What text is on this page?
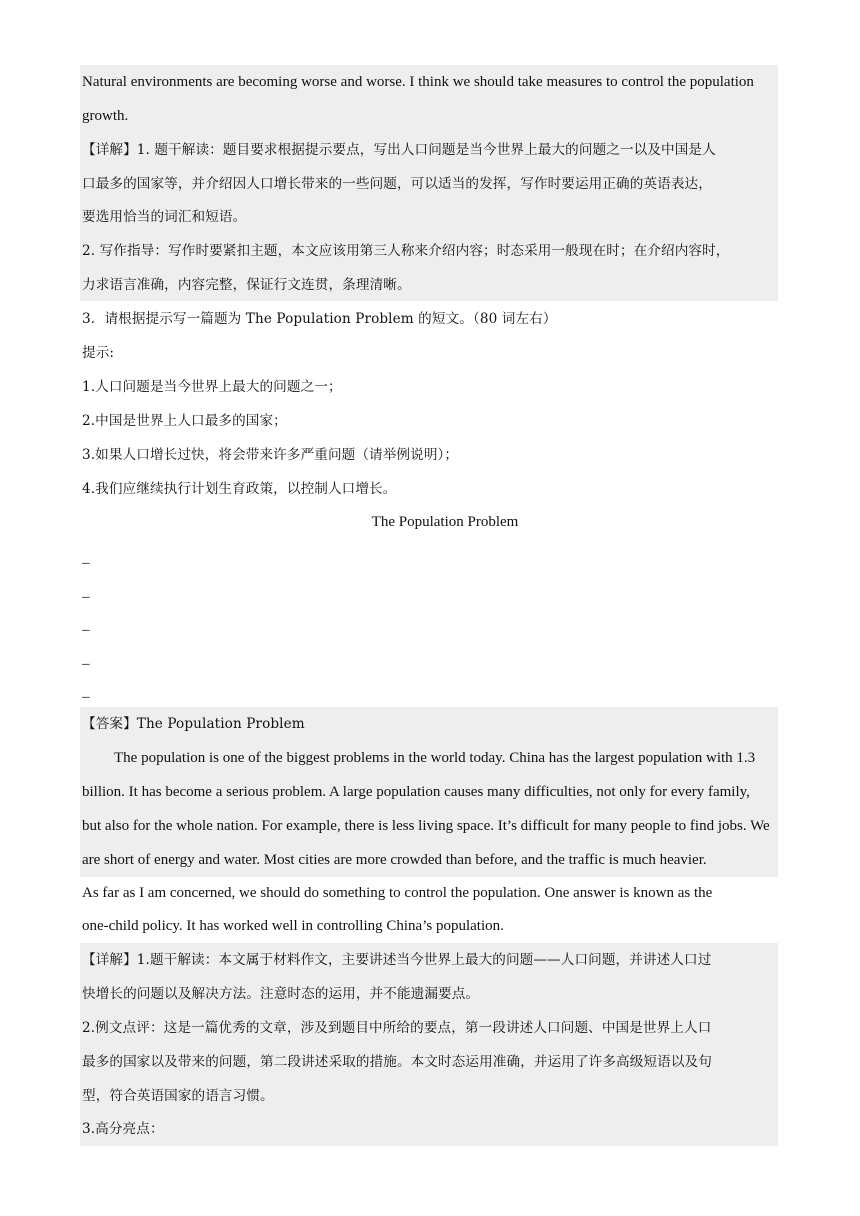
Natural environments are becoming worse and worse. I think we should take measures to control the population
growth.
【详解】1. 题干解读：题目要求根据提示要点，写出人口问题是当今世界上最大的问题之一以及中国是人
口最多的国家等，并介绍因人口增长带来的一些问题，可以适当的发挥，写作时要运用正确的英语表达，
要选用恰当的词汇和短语。
2. 写作指导：写作时要紧扣主题，本文应该用第三人称来介绍内容；时态采用一般现在时；在介绍内容时，
力求语言准确，内容完整，保证行文连贯，条理清晰。
3．请根据提示写一篇题为 The Population Problem 的短文。（80 词左右）
提示:
1.人口问题是当今世界上最大的问题之一；
2.中国是世界上人口最多的国家；
3.如果人口增长过快，将会带来许多严重问题（请举例说明）；
4.我们应继续执行计划生育政策，以控制人口增长。
The Population Problem
_
_
_
_
_
【答案】The Population Problem
The population is one of the biggest problems in the world today. China has the largest population with 1.3
billion. It has become a serious problem. A large population causes many difficulties, not only for every family,
but also for the whole nation. For example, there is less living space. It’s difficult for many people to find jobs. We
are short of energy and water. Most cities are more crowded than before, and the traffic is much heavier.
As far as I am concerned, we should do something to control the population. One answer is known as the
one-child policy. It has worked well in controlling China’s population.
【详解】1.题干解读：本文属于材料作文，主要讲述当今世界上最大的问题——人口问题，并讲述人口过
快增长的问题以及解决方法。注意时态的运用，并不能遗漏要点。
2.例文点评：这是一篇优秀的文章，涉及到题目中所给的要点，第一段讲述人口问题、中国是世界上人口
最多的国家以及带来的问题，第二段讲述采取的措施。本文时态运用准确，并运用了许多高级短语以及句
型，符合英语国家的语言习惯。
3.高分亮点：
